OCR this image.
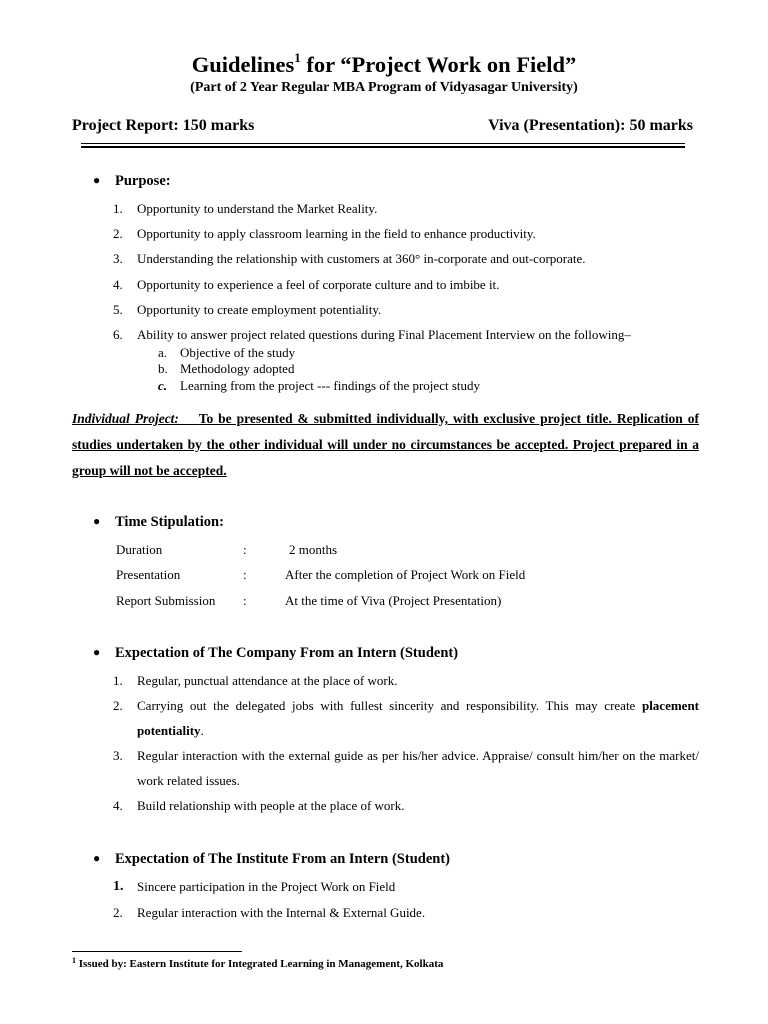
Guidelines$^1$ for “Project Work on Field”
(Part of 2 Year Regular MBA Program of Vidyasagar University)
Project Report: 150 marks	Viva (Presentation): 50 marks
● Purpose:
1. Opportunity to understand the Market Reality.
2. Opportunity to apply classroom learning in the field to enhance productivity.
3. Understanding the relationship with customers at 360° in-corporate and out-corporate.
4. Opportunity to experience a feel of corporate culture and to imbibe it.
5. Opportunity to create employment potentiality.
6. Ability to answer project related questions during Final Placement Interview on the following–
a. Objective of the study
b. Methodology adopted
c. Learning from the project --- findings of the project study
Individual Project: To be presented & submitted individually, with exclusive project title. Replication of studies undertaken by the other individual will under no circumstances be accepted. Project prepared in a group will not be accepted.
● Time Stipulation:
Duration	:	2 months
Presentation	:	After the completion of Project Work on Field
Report Submission :	At the time of Viva (Project Presentation)
● Expectation of The Company From an Intern (Student)
1. Regular, punctual attendance at the place of work.
2. Carrying out the delegated jobs with fullest sincerity and responsibility. This may create placement potentiality.
3. Regular interaction with the external guide as per his/her advice. Appraise/ consult him/her on the market/ work related issues.
4. Build relationship with people at the place of work.
● Expectation of The Institute From an Intern (Student)
1. Sincere participation in the Project Work on Field
2. Regular interaction with the Internal & External Guide.
$^1$ Issued by: Eastern Institute for Integrated Learning in Management, Kolkata
